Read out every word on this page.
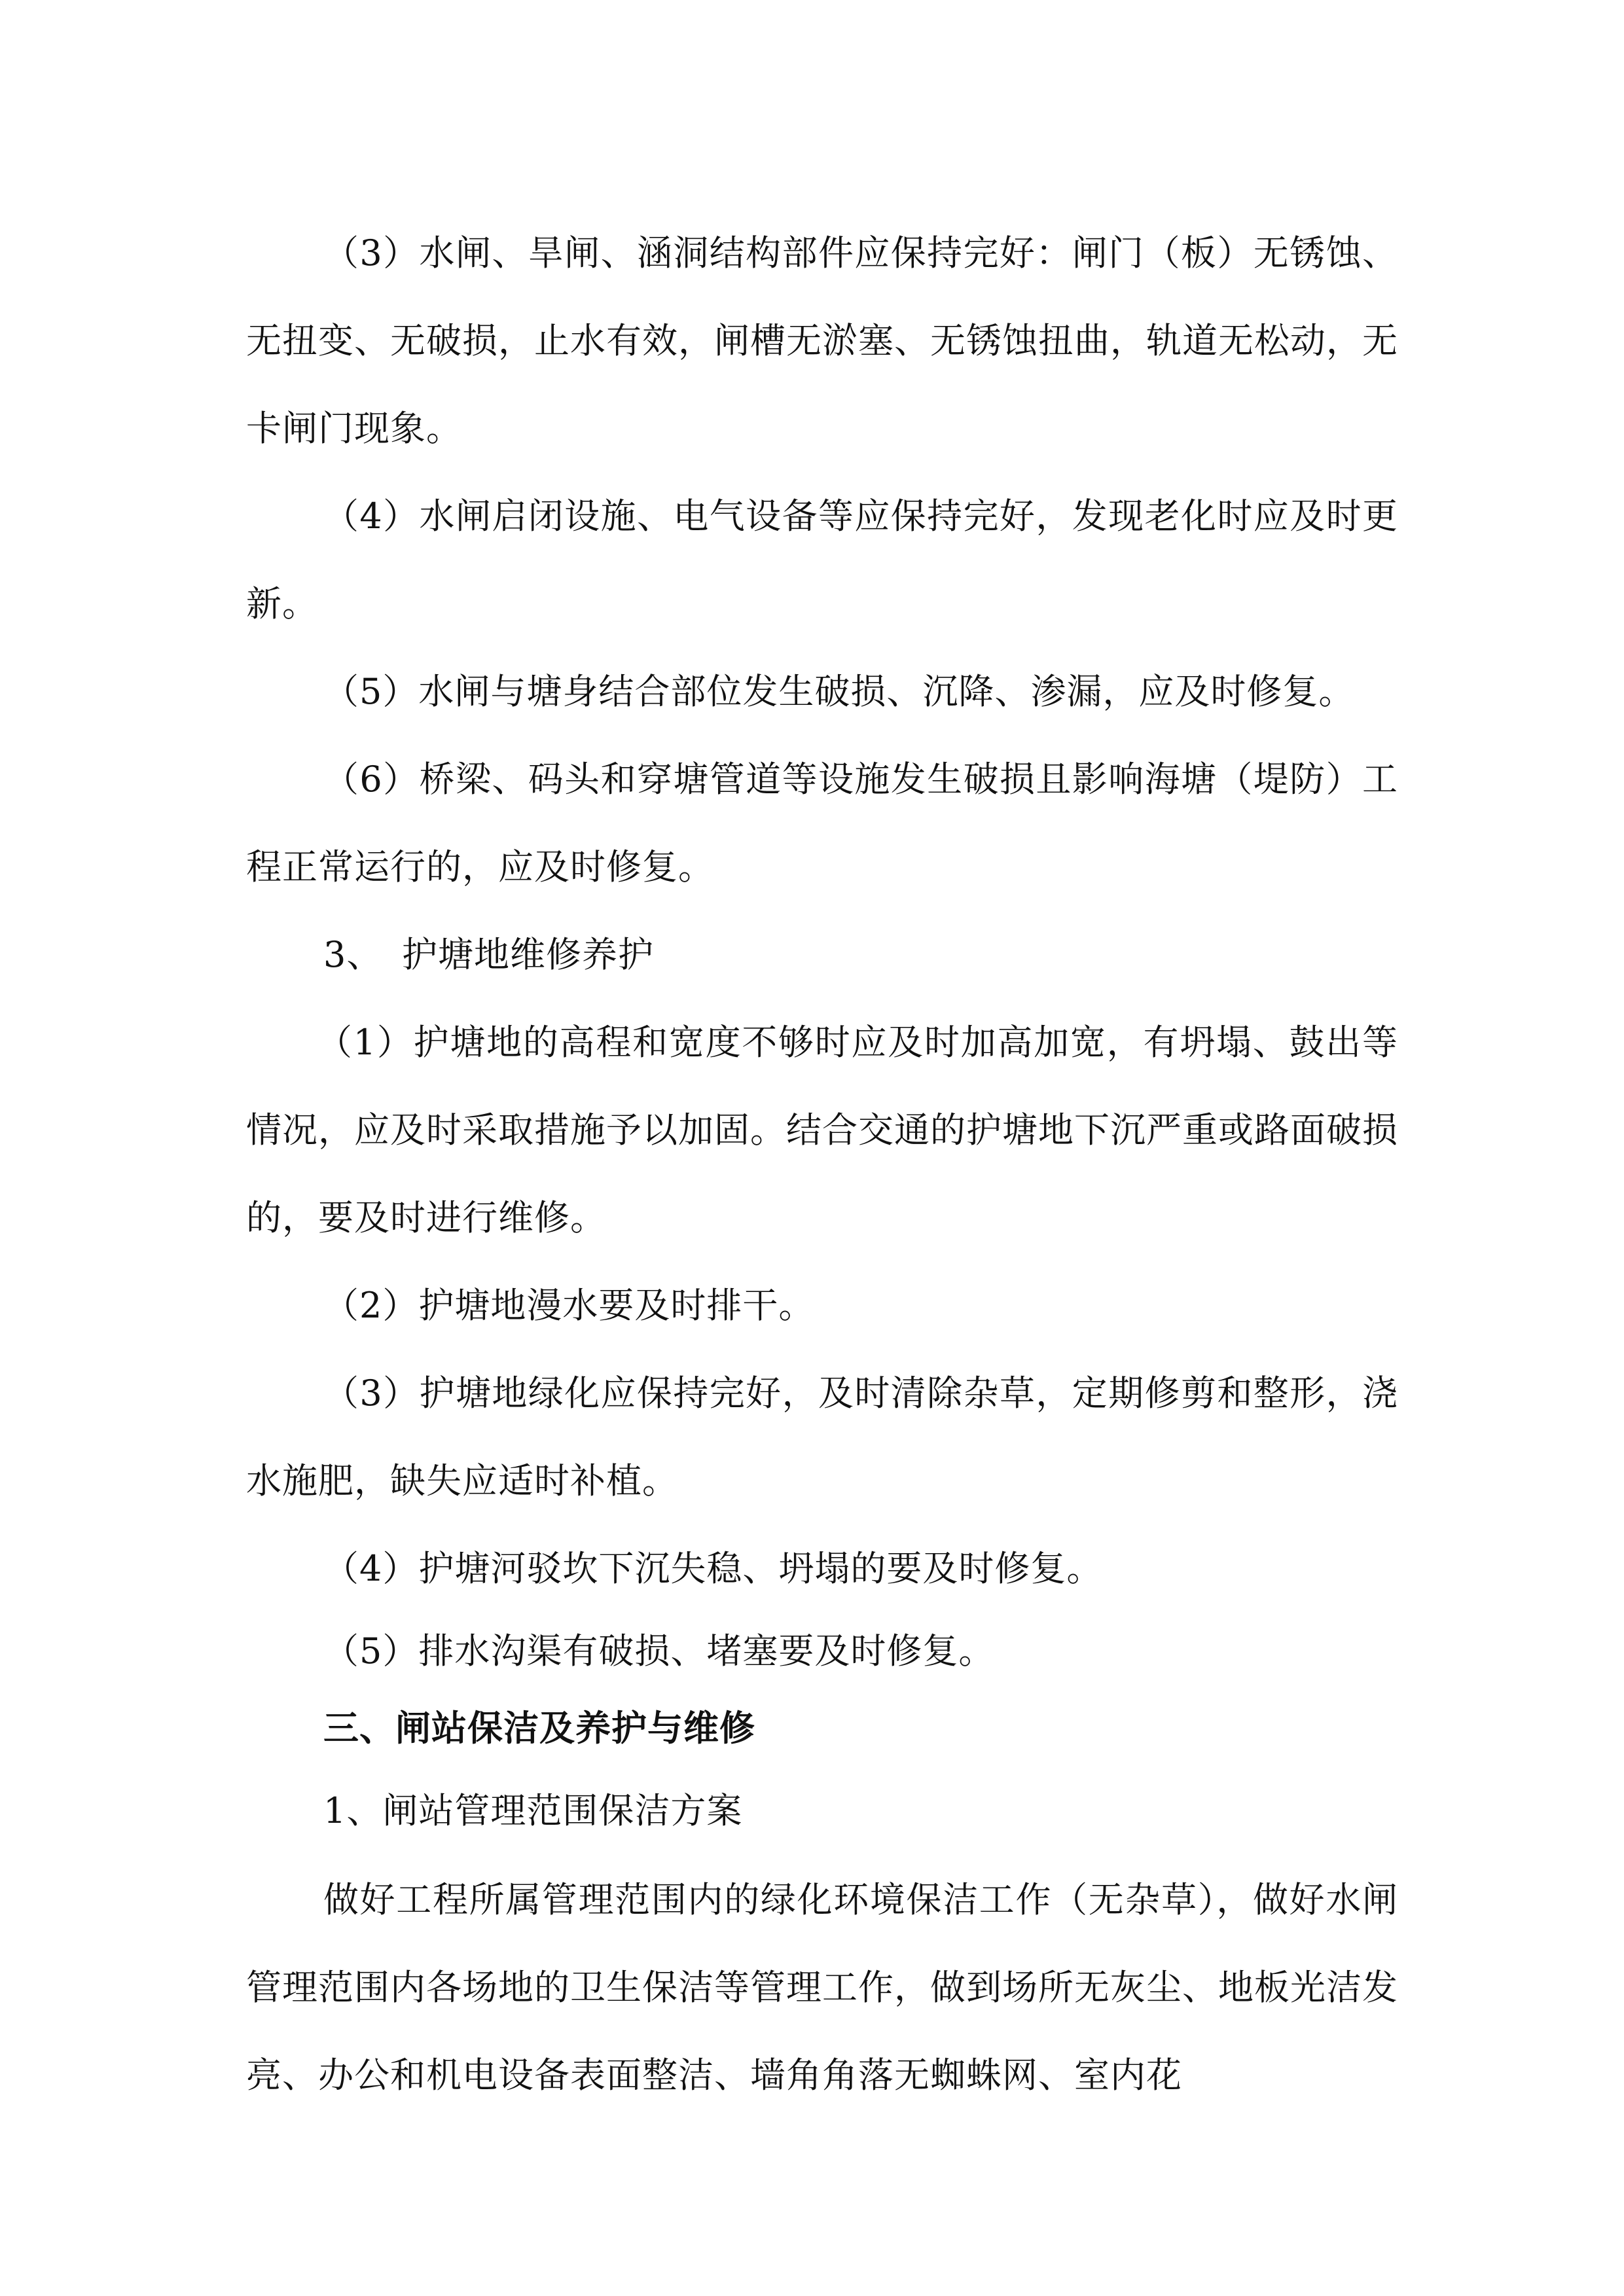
（3）水闸、旱闸、涵洞结构部件应保持完好：闸门（板）无锈蚀、无扭变、无破损，止水有效，闸槽无淤塞、无锈蚀扭曲，轨道无松动，无卡闸门现象。

（4）水闸启闭设施、电气设备等应保持完好，发现老化时应及时更新。

（5）水闸与塘身结合部位发生破损、沉降、渗漏，应及时修复。

（6）桥梁、码头和穿塘管道等设施发生破损且影响海塘（堤防）工程正常运行的，应及时修复。

3、 护塘地维修养护

（1）护塘地的高程和宽度不够时应及时加高加宽，有坍塌、鼓出等情况，应及时采取措施予以加固。结合交通的护塘地下沉严重或路面破损的，要及时进行维修。

（2）护塘地漫水要及时排干。

（3）护塘地绿化应保持完好，及时清除杂草，定期修剪和整形，浇水施肥，缺失应适时补植。

（4）护塘河驳坎下沉失稳、坍塌的要及时修复。

（5）排水沟渠有破损、堵塞要及时修复。

三、闸站保洁及养护与维修

1、闸站管理范围保洁方案

做好工程所属管理范围内的绿化环境保洁工作（无杂草），做好水闸管理范围内各场地的卫生保洁等管理工作，做到场所无灰尘、地板光洁发亮、办公和机电设备表面整洁、墙角角落无蜘蛛网、室内花
